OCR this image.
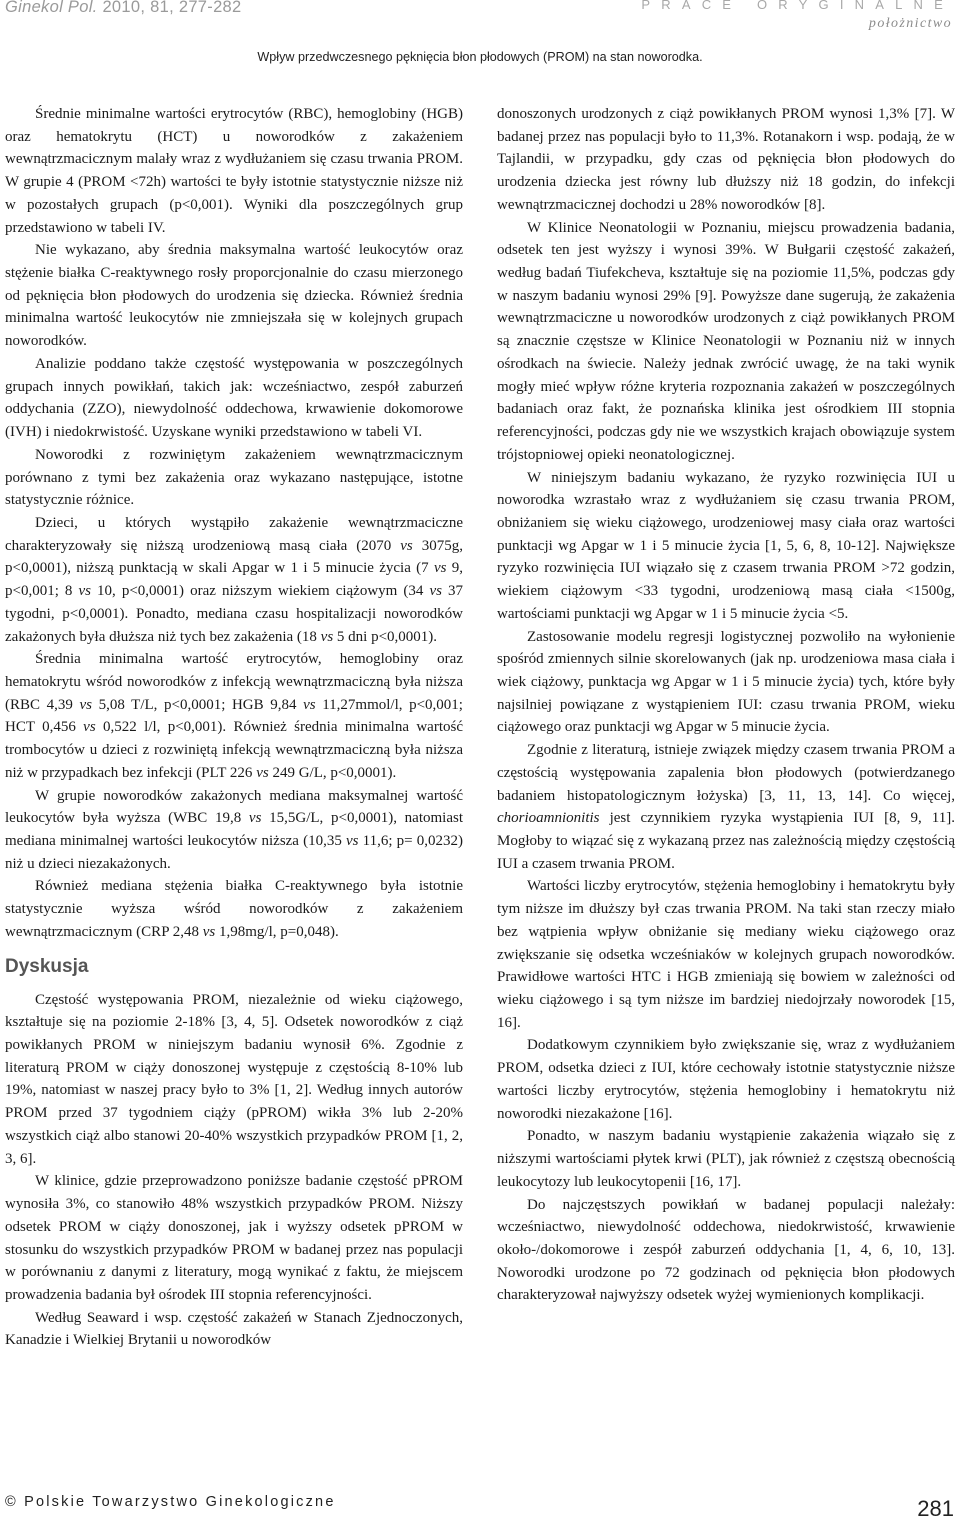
Ginekol Pol. 2010, 81, 277-282	PRACE ORYGINALNE
położnictwo
Wpływ przedwczesnego pęknięcia błon płodowych (PROM) na stan noworodka.

Średnie minimalne wartości erytrocytów (RBC), hemoglobiny (HGB) oraz hematokrytu (HCT) u noworodków z zakażeniem wewnątrzmacicznym malały wraz z wydłużaniem się czasu trwania PROM. W grupie 4 (PROM <72h) wartości te były istotnie statystycznie niższe niż w pozostałych grupach (p<0,001). Wyniki dla poszczególnych grup przedstawiono w tabeli IV.

Nie wykazano, aby średnia maksymalna wartość leukocytów oraz stężenie białka C-reaktywnego rosły proporcjonalnie do czasu mierzonego od pęknięcia błon płodowych do urodzenia się dziecka. Również średnia minimalna wartość leukocytów nie zmniejszała się w kolejnych grupach noworodków.

Analizie poddano także częstość występowania w poszczególnych grupach innych powikłań, takich jak: wcześniactwo, zespół zaburzeń oddychania (ZZO), niewydolność oddechowa, krwawienie dokomorowe (IVH) i niedokrwistość. Uzyskane wyniki przedstawiono w tabeli VI.

Noworodki z rozwiniętym zakażeniem wewnątrzmacicznym porównano z tymi bez zakażenia oraz wykazano następujące, istotne statystycznie różnice.

Dzieci, u których wystąpiło zakażenie wewnątrzmaciczne charakteryzowały się niższą urodzeniową masą ciała (2070 vs 3075g, p<0,0001), niższą punktacją w skali Apgar w 1 i 5 minucie życia (7 vs 9, p<0,001; 8 vs 10, p<0,0001) oraz niższym wiekiem ciążowym (34 vs 37 tygodni, p<0,0001). Ponadto, mediana czasu hospitalizacji noworodków zakażonych była dłuższa niż tych bez zakażenia (18 vs 5 dni p<0,0001).

Średnia minimalna wartość erytrocytów, hemoglobiny oraz hematokrytu wśród noworodków z infekcją wewnątrzmaciczną była niższa (RBC 4,39 vs 5,08 T/L, p<0,0001; HGB 9,84 vs 11,27mmol/l, p<0,001; HCT 0,456 vs 0,522 l/l, p<0,001). Również średnia minimalna wartość trombocytów u dzieci z rozwiniętą infekcją wewnątrzmaciczną była niższa niż w przypadkach bez infekcji (PLT 226 vs 249 G/L, p<0,0001).

W grupie noworodków zakażonych mediana maksymalnej wartość leukocytów była wyższa (WBC 19,8 vs 15,5G/L, p<0,0001), natomiast mediana minimalnej wartości leukocytów niższa (10,35 vs 11,6; p= 0,0232) niż u dzieci niezakażonych.

Również mediana stężenia białka C-reaktywnego była istotnie statystycznie wyższa wśród noworodków z zakażeniem wewnątrzmacicznym (CRP 2,48 vs 1,98mg/l, p=0,048).

Dyskusja

Częstość występowania PROM, niezależnie od wieku ciążowego, kształtuje się na poziomie 2-18% [3, 4, 5]. Odsetek noworodków z ciąż powikłanych PROM w niniejszym badaniu wynosił 6%. Zgodnie z literaturą PROM w ciąży donoszonej występuje z częstością 8-10% lub 19%, natomiast w naszej pracy było to 3% [1, 2]. Według innych autorów PROM przed 37 tygodniem ciąży (pPROM) wikła 3% lub 2-20% wszystkich ciąż albo stanowi 20-40% wszystkich przypadków PROM [1, 2, 3, 6].

W klinice, gdzie przeprowadzono poniższe badanie częstość pPROM wynosiła 3%, co stanowiło 48% wszystkich przypadków PROM. Niższy odsetek PROM w ciąży donoszonej, jak i wyższy odsetek pPROM w stosunku do wszystkich przypadków PROM w badanej przez nas populacji w porównaniu z danymi z literatury, mogą wynikać z faktu, że miejscem prowadzenia badania był ośrodek III stopnia referencyjności.

Według Seaward i wsp. częstość zakażeń w Stanach Zjednoczonych, Kanadzie i Wielkiej Brytanii u noworodków

donoszonych urodzonych z ciąż powikłanych PROM wynosi 1,3% [7]. W badanej przez nas populacji było to 11,3%. Rotanakorn i wsp. podają, że w Tajlandii, w przypadku, gdy czas od pęknięcia błon płodowych do urodzenia dziecka jest równy lub dłuższy niż 18 godzin, do infekcji wewnątrzmacicznej dochodzi u 28% noworodków [8].

W Klinice Neonatologii w Poznaniu, miejscu prowadzenia badania, odsetek ten jest wyższy i wynosi 39%. W Bułgarii częstość zakażeń, według badań Tiufekcheva, kształtuje się na poziomie 11,5%, podczas gdy w naszym badaniu wynosi 29% [9]. Powyższe dane sugerują, że zakażenia wewnątrzmaciczne u noworodków urodzonych z ciąż powikłanych PROM są znacznie częstsze w Klinice Neonatologii w Poznaniu niż w innych ośrodkach na świecie. Należy jednak zwrócić uwagę, że na taki wynik mogły mieć wpływ różne kryteria rozpoznania zakażeń w poszczególnych badaniach oraz fakt, że poznańska klinika jest ośrodkiem III stopnia referencyjności, podczas gdy nie we wszystkich krajach obowiązuje system trójstopniowej opieki neonatologicznej.

W niniejszym badaniu wykazano, że ryzyko rozwinięcia IUI u noworodka wzrastało wraz z wydłużaniem się czasu trwania PROM, obniżaniem się wieku ciążowego, urodzeniowej masy ciała oraz wartości punktacji wg Apgar w 1 i 5 minucie życia [1, 5, 6, 8, 10-12]. Największe ryzyko rozwinięcia IUI wiązało się z czasem trwania PROM >72 godzin, wiekiem ciążowym <33 tygodni, urodzeniową masą ciała <1500g, wartościami punktacji wg Apgar w 1 i 5 minucie życia <5.

Zastosowanie modelu regresji logistycznej pozwoliło na wyłonienie spośród zmiennych silnie skorelowanych (jak np. urodzeniowa masa ciała i wiek ciążowy, punktacja wg Apgar w 1 i 5 minucie życia) tych, które były najsilniej powiązane z wystąpieniem IUI: czasu trwania PROM, wieku ciążowego oraz punktacji wg Apgar w 5 minucie życia.

Zgodnie z literaturą, istnieje związek między czasem trwania PROM a częstością występowania zapalenia błon płodowych (potwierdzanego badaniem histopatologicznym łożyska) [3, 11, 13, 14]. Co więcej, chorioamnionitis jest czynnikiem ryzyka wystąpienia IUI [8, 9, 11]. Mogłoby to wiązać się z wykazaną przez nas zależnością między częstością IUI a czasem trwania PROM.

Wartości liczby erytrocytów, stężenia hemoglobiny i hematokrytu były tym niższe im dłuższy był czas trwania PROM. Na taki stan rzeczy miało bez wątpienia wpływ obniżanie się mediany wieku ciążowego oraz zwiększanie się odsetka wcześniaków w kolejnych grupach noworodków. Prawidłowe wartości HTC i HGB zmieniają się bowiem w zależności od wieku ciążowego i są tym niższe im bardziej niedojrzały noworodek [15, 16].

Dodatkowym czynnikiem było zwiększanie się, wraz z wydłużaniem PROM, odsetka dzieci z IUI, które cechowały istotnie statystycznie niższe wartości liczby erytrocytów, stężenia hemoglobiny i hematokrytu niż noworodki niezakażone [16].

Ponadto, w naszym badaniu wystąpienie zakażenia wiązało się z niższymi wartościami płytek krwi (PLT), jak również z częstszą obecnością leukocytozy lub leukocytopenii [16, 17].

Do najczęstszych powikłań w badanej populacji należały: wcześniactwo, niewydolność oddechowa, niedokrwistość, krwawienie około-/dokomorowe i zespół zaburzeń oddychania [1, 4, 6, 10, 13]. Noworodki urodzone po 72 godzinach od pęknięcia błon płodowych charakteryzował najwyższy odsetek wyżej wymienionych komplikacji.

© Polskie Towarzystwo Ginekologiczne	281
